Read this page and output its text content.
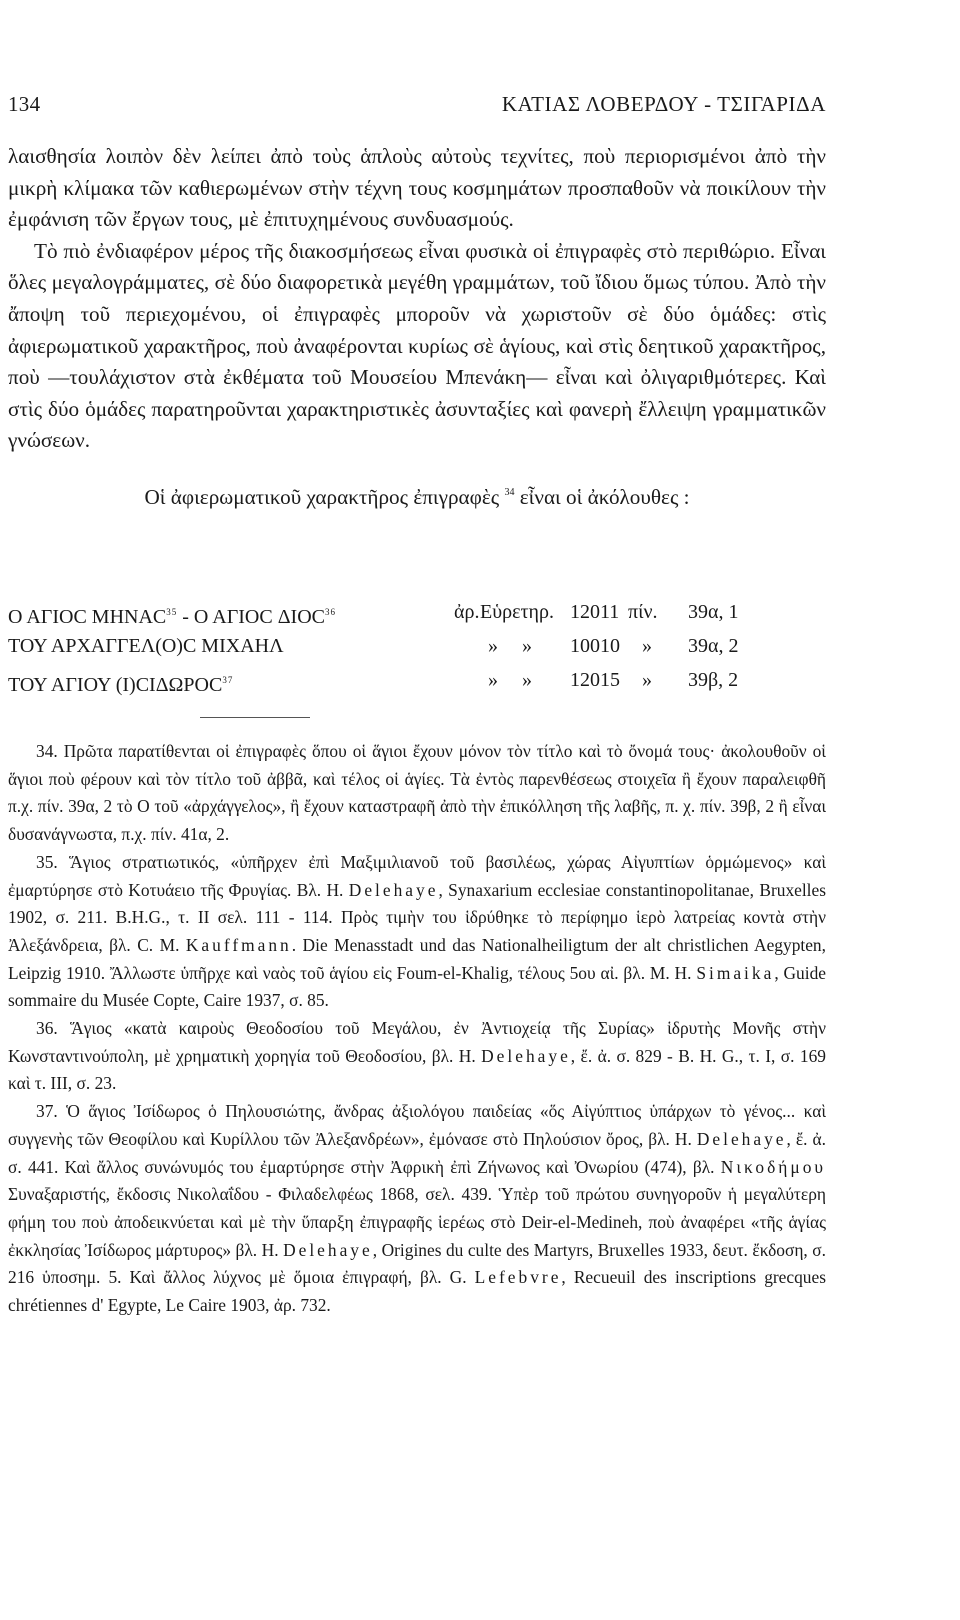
134	ΚΑΤΙΑΣ ΛΟΒΕΡΔΟΥ - ΤΣΙΓΑΡΙΔΑ

λαισθησία λοιπὸν δὲν λείπει ἀπὸ τοὺς ἁπλοὺς αὐτοὺς τεχνίτες, ποὺ περιορισμένοι ἀπὸ τὴν μικρὴ κλίμακα τῶν καθιερωμένων στὴν τέχνη τους κοσμημάτων προσπαθοῦν νὰ ποικίλουν τὴν ἐμφάνιση τῶν ἔργων τους, μὲ ἐπιτυχημένους συνδυασμούς.

Τὸ πιὸ ἐνδιαφέρον μέρος τῆς διακοσμήσεως εἶναι φυσικὰ οἱ ἐπιγραφὲς στὸ περιθώριο. Εἶναι ὅλες μεγαλογράμματες, σὲ δύο διαφορετικὰ μεγέθη γραμμάτων, τοῦ ἴδιου ὅμως τύπου. Ἀπὸ τὴν ἄποψη τοῦ περιεχομένου, οἱ ἐπιγραφὲς μποροῦν νὰ χωριστοῦν σὲ δύο ὁμάδες: στὶς ἀφιερωματικοῦ χαρακτῆρος, ποὺ ἀναφέρονται κυρίως σὲ ἁγίους, καὶ στὶς δεητικοῦ χαρακτῆρος, ποὺ —τουλάχιστον στὰ ἐκθέματα τοῦ Μουσείου Μπενάκη— εἶναι καὶ ὀλιγαριθμότερες. Καὶ στὶς δύο ὁμάδες παρατηροῦνται χαρακτηριστικὲς ἀσυνταξίες καὶ φανερὴ ἔλλειψη γραμματικῶν γνώσεων.

Οἱ ἀφιερωματικοῦ χαρακτῆρος ἐπιγραφὲς $^{34}$ εἶναι οἱ ἀκόλουθες :

Ο ΑΓΙΟC ΜΗΝΑC$^{35}$ - Ο ΑΓΙΟC ΔΙΟC$^{36}$	ἀρ. Εὑρετηρ. 12011 πίν. 39α, 1
ΤΟΥ ΑΡΧΑΓΓΕΛ(Ο)C ΜΙΧΑΗΛ	» » 10010 » 39α, 2
ΤΟΥ ΑΓΙΟΥ (Ι)CΙΔΩΡΟC$^{37}$	» » 12015 » 39β, 2

34. Πρῶτα παρατίθενται οἱ ἐπιγραφὲς ὅπου οἱ ἅγιοι ἔχουν μόνον τὸν τίτλο καὶ τὸ ὄνομά τους· ἀκολουθοῦν οἱ ἅγιοι ποὺ φέρουν καὶ τὸν τίτλο τοῦ ἀββᾶ, καὶ τέλος οἱ ἁγίες. Τὰ ἐντὸς παρενθέσεως στοιχεῖα ἢ ἔχουν παραλειφθῆ π.χ. πίν. 39α, 2 τὸ Ο τοῦ «ἀρχάγγελος», ἢ ἔχουν καταστραφῆ ἀπὸ τὴν ἐπικόλληση τῆς λαβῆς, π. χ. πίν. 39β, 2 ἢ εἶναι δυσανάγνωστα, π.χ. πίν. 41α, 2.

35. Ἅγιος στρατιωτικός, «ὑπῆρχεν ἐπὶ Μαξιμιλιανοῦ τοῦ βασιλέως, χώρας Αἰγυπτίων ὁρμώμενος» καὶ ἐμαρτύρησε στὸ Κοτυάειο τῆς Φρυγίας. Βλ. Η. Delehaye, Synaxarium ecclesiae constantinopolitanae, Bruxelles 1902, σ. 211. B.H.G., τ. II σελ. 111 - 114. Πρὸς τιμὴν του ἱδρύθηκε τὸ περίφημο ἱερὸ λατρείας κοντὰ στὴν Ἀλεξάνδρεια, βλ. C. M. Kauffmann. Die Menasstadt und das Nationalheiligtum der alt christlichen Aegypten, Leipzig 1910. Ἄλλωστε ὑπῆρχε καὶ ναὸς τοῦ ἁγίου εἰς Foum-el-Khalig, τέλους 5ου αἰ. βλ. M. H. Simaika, Guide sommaire du Musée Copte, Caire 1937, σ. 85.

36. Ἅγιος «κατὰ καιροὺς Θεοδοσίου τοῦ Μεγάλου, ἐν Ἀντιοχείᾳ τῆς Συρίας» ἱδρυτὴς Μονῆς στὴν Κωνσταντινούπολη, μὲ χρηματικὴ χορηγία τοῦ Θεοδοσίου, βλ. Η. Delehaye, ἔ. ἀ. σ. 829 - B. H. G., τ. I, σ. 169 καὶ τ. III, σ. 23.

37. Ὁ ἅγιος Ἰσίδωρος ὁ Πηλουσιώτης, ἄνδρας ἀξιολόγου παιδείας «ὅς Αἰγύπτιος ὑπάρχων τὸ γένος... καὶ συγγενὴς τῶν Θεοφίλου καὶ Κυρίλλου τῶν Ἀλεξανδρέων», ἐμόνασε στὸ Πηλούσιον ὄρος, βλ. Η. Delehaye, ἔ. ἀ. σ. 441. Καὶ ἄλλος συνώνυμός του ἐμαρτύρησε στὴν Ἀφρικὴ ἐπὶ Ζήνωνος καὶ Ὀνωρίου (474), βλ. Νικοδήμου Συναξαριστής, ἔκδοσις Νικολαΐδου - Φιλαδελφέως 1868, σελ. 439. Ὑπὲρ τοῦ πρώτου συνηγοροῦν ἡ μεγαλύτερη φήμη του ποὺ ἀποδεικνύεται καὶ μὲ τὴν ὕπαρξη ἐπιγραφῆς ἱερέως στὸ Deir-el-Medineh, ποὺ ἀναφέρει «τῆς ἁγίας ἐκκλησίας Ἰσίδωρος μάρτυρος» βλ. H. Delehaye, Origines du culte des Martyrs, Bruxelles 1933, δευτ. ἔκδοση, σ. 216 ὑποσημ. 5. Καὶ ἄλλος λύχνος μὲ ὅμοια ἐπιγραφή, βλ. G. Lefebvre, Recueuil des inscriptions grecques chrétiennes d' Egypte, Le Caire 1903, ἀρ. 732.
